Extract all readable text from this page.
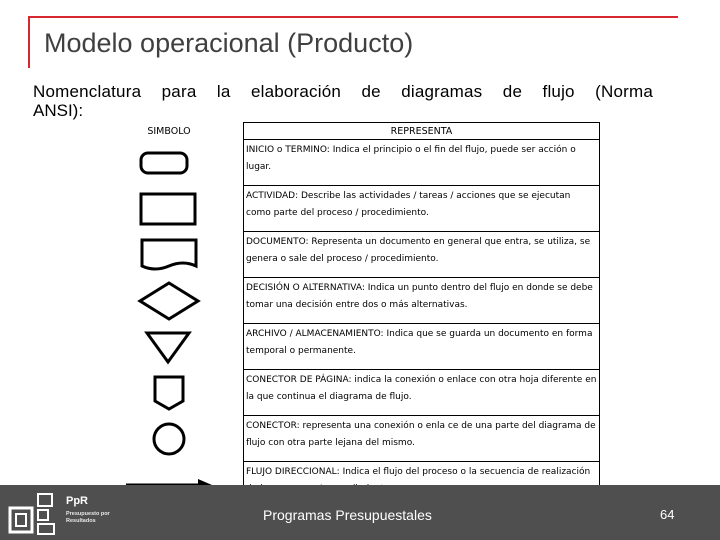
Modelo operacional (Producto)
Nomenclatura para la elaboración de diagramas de flujo (Norma
ANSI):
SIMBOLO	REPRESENTA

	INICIO o TERMINO: Indica el principio o el fin del flujo, puede ser acción o lugar.

	ACTIVIDAD: Describe las actividades / tareas / acciones que se ejecutan como parte del proceso / procedimiento.

	DOCUMENTO: Representa un documento en general que entra, se utiliza, se genera o sale del proceso / procedimiento.

	DECISIÓN O ALTERNATIVA: Indica un punto dentro del flujo en donde se debe tomar una decisión entre dos o más alternativas.

	ARCHIVO / ALMACENAMIENTO: Indica que se guarda un documento en forma temporal o permanente.

	CONECTOR DE PÁGINA: indica la conexión o enlace con otra hoja diferente en la que continua el diagrama de flujo.

	CONECTOR: representa una conexión o enla ce de una parte del diagrama de flujo con otra parte lejana del mismo.

	FLUJO DIRECCIONAL: Indica el flujo del proceso o la secuencia de realización
PpR
Presupuesto por Resultados	Programas Presupuestales	64
